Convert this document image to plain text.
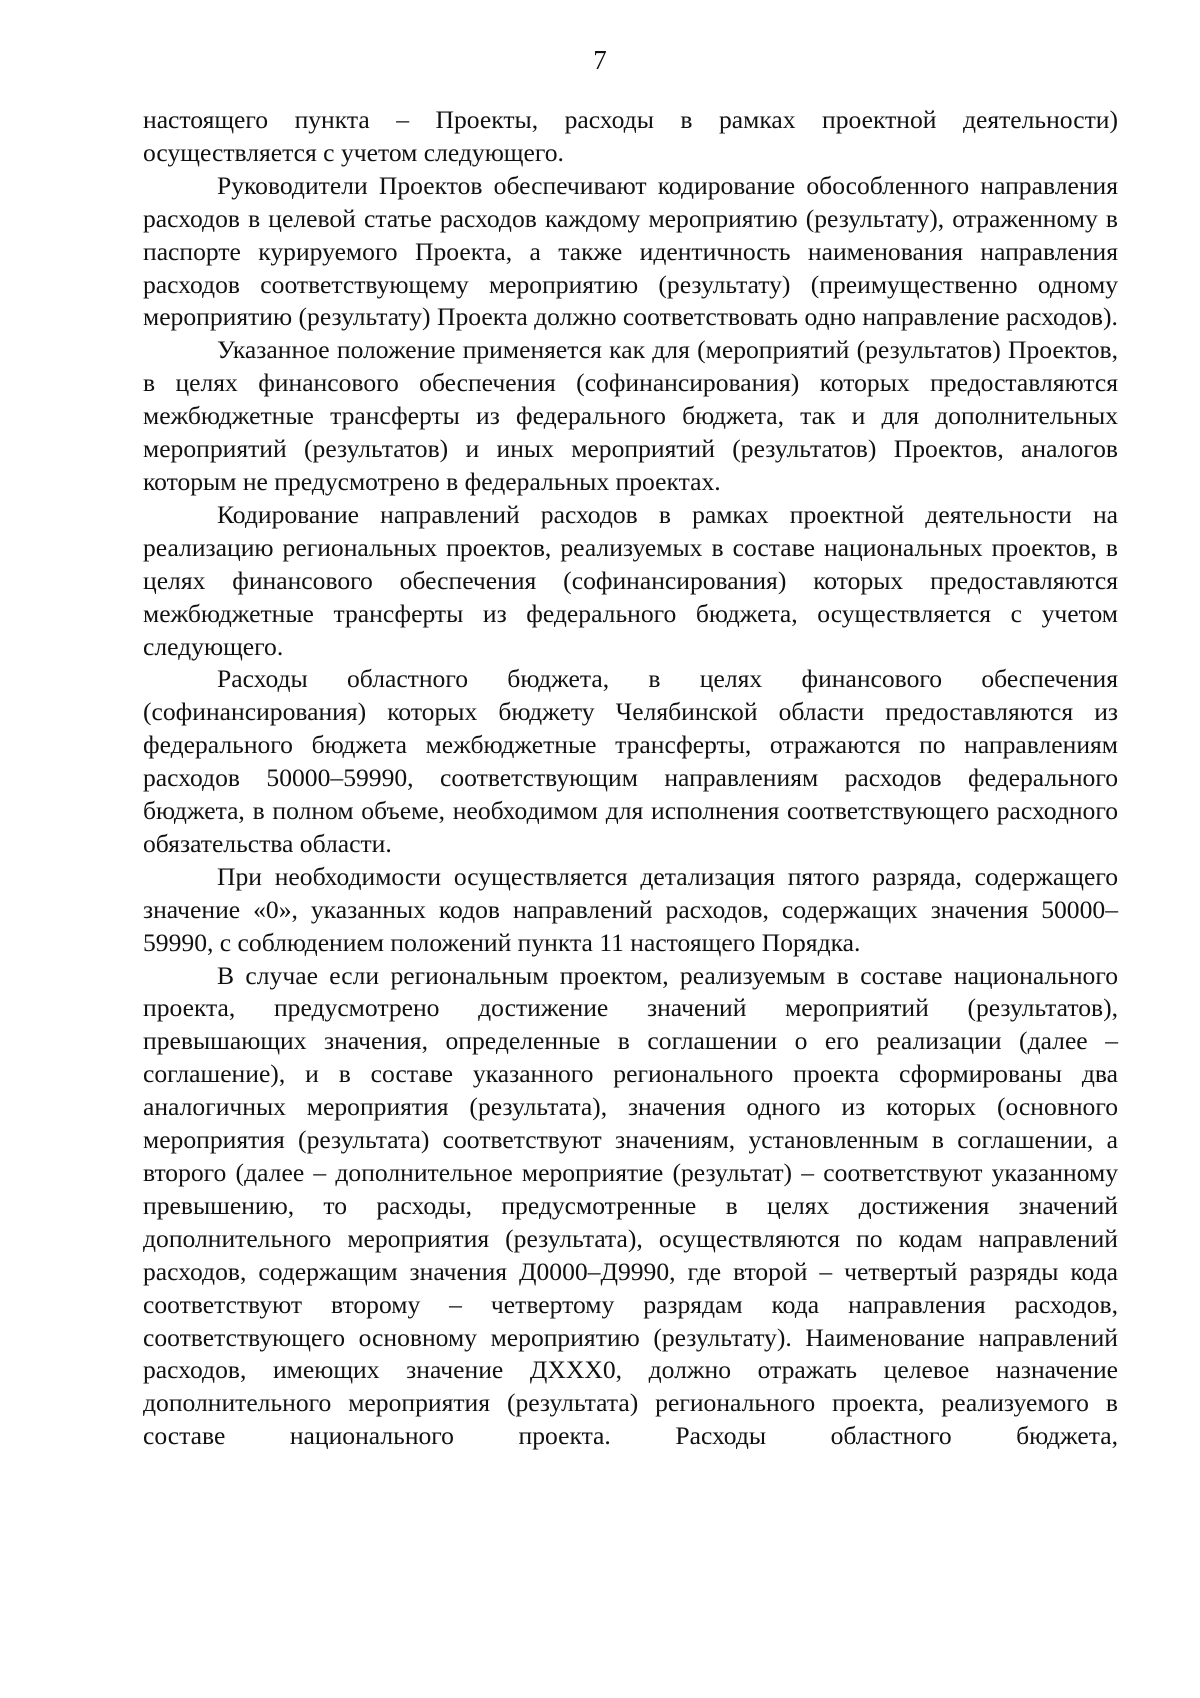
7

настоящего пункта – Проекты, расходы в рамках проектной деятельности) осуществляется с учетом следующего.

Руководители Проектов обеспечивают кодирование обособленного направления расходов в целевой статье расходов каждому мероприятию (результату), отраженному в паспорте курируемого Проекта, а также идентичность наименования направления расходов соответствующему мероприятию (результату) (преимущественно одному мероприятию (результату) Проекта должно соответствовать одно направление расходов).

Указанное положение применяется как для (мероприятий (результатов) Проектов, в целях финансового обеспечения (софинансирования) которых предоставляются межбюджетные трансферты из федерального бюджета, так и для дополнительных мероприятий (результатов) и иных мероприятий (результатов) Проектов, аналогов которым не предусмотрено в федеральных проектах.

Кодирование направлений расходов в рамках проектной деятельности на реализацию региональных проектов, реализуемых в составе национальных проектов, в целях финансового обеспечения (софинансирования) которых предоставляются межбюджетные трансферты из федерального бюджета, осуществляется с учетом следующего.

Расходы областного бюджета, в целях финансового обеспечения (софинансирования) которых бюджету Челябинской области предоставляются из федерального бюджета межбюджетные трансферты, отражаются по направлениям расходов 50000–59990, соответствующим направлениям расходов федерального бюджета, в полном объеме, необходимом для исполнения соответствующего расходного обязательства области.

При необходимости осуществляется детализация пятого разряда, содержащего значение «0», указанных кодов направлений расходов, содержащих значения 50000–59990, с соблюдением положений пункта 11 настоящего Порядка.

В случае если региональным проектом, реализуемым в составе национального проекта, предусмотрено достижение значений мероприятий (результатов), превышающих значения, определенные в соглашении о его реализации (далее – соглашение), и в составе указанного регионального проекта сформированы два аналогичных мероприятия (результата), значения одного из которых (основного мероприятия (результата) соответствуют значениям, установленным в соглашении, а второго (далее – дополнительное мероприятие (результат) – соответствуют указанному превышению, то расходы, предусмотренные в целях достижения значений дополнительного мероприятия (результата), осуществляются по кодам направлений расходов, содержащим значения Д0000–Д9990, где второй – четвертый разряды кода соответствуют второму – четвертому разрядам кода направления расходов, соответствующего основному мероприятию (результату). Наименование направлений расходов, имеющих значение ДХХХ0, должно отражать целевое назначение дополнительного мероприятия (результата) регионального проекта, реализуемого в составе национального проекта. Расходы областного бюджета,
